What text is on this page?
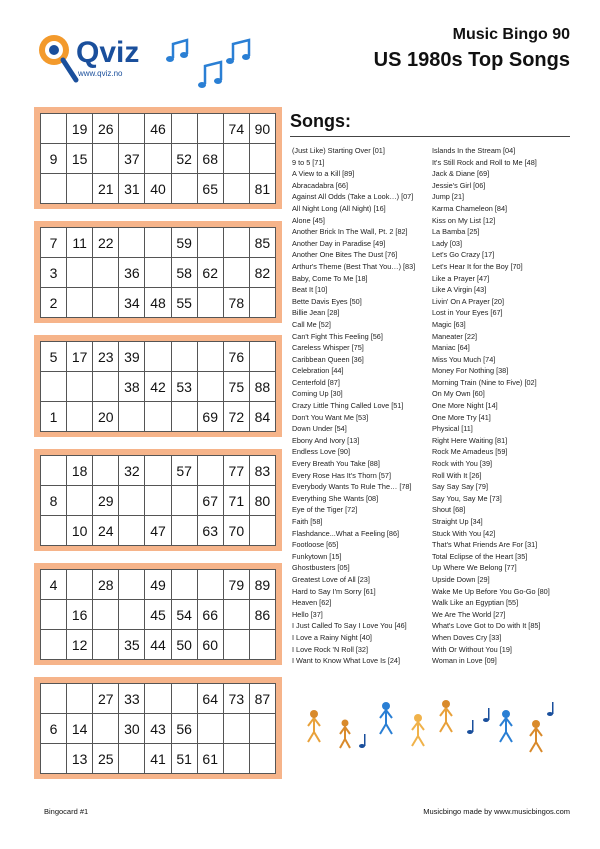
Qviz
www.qviz.no
Music Bingo 90
US 1980s Top Songs
	19	26		46			74	90
9	15		37		52	68		
		21	31	40		65		81
7	11	22			59			85
3			36		58	62		82
2			34	48	55		78	
5	17	23	39				76	
			38	42	53		75	88
1		20				69	72	84
	18		32		57		77	83
8		29				67	71	80
	10	24		47		63	70	
4		28		49			79	89
	16			45	54	66		86
	12		35	44	50	60		
		27	33			64	73	87
6	14		30	43	56			
	13	25		41	51	61		
Songs:
(Just Like) Starting Over [01]
9 to 5 [71]
A View to a Kill [89]
Abracadabra [66]
Against All Odds (Take a Look…) [07]
All Night Long (All Night) [16]
Alone [45]
Another Brick In The Wall, Pt. 2 [82]
Another Day in Paradise [49]
Another One Bites The Dust [76]
Arthur's Theme (Best That You…) [83]
Baby, Come To Me [18]
Beat It [10]
Bette Davis Eyes [50]
Billie Jean [28]
Call Me [52]
Can't Fight This Feeling [56]
Careless Whisper [75]
Caribbean Queen [36]
Celebration [44]
Centerfold [87]
Coming Up [30]
Crazy Little Thing Called Love [51]
Don't You Want Me [53]
Down Under [54]
Ebony And Ivory [13]
Endless Love [90]
Every Breath You Take [88]
Every Rose Has It's Thorn [57]
Everybody Wants To Rule The… [78]
Everything She Wants [08]
Eye of the Tiger [72]
Faith [58]
Flashdance...What a Feeling [86]
Footloose [65]
Funkytown [15]
Ghostbusters [05]
Greatest Love of All [23]
Hard to Say I'm Sorry [61]
Heaven [62]
Hello [37]
I Just Called To Say I Love You [46]
I Love a Rainy Night [40]
I Love Rock 'N Roll [32]
I Want to Know What Love Is [24]
Islands In the Stream [04]
It's Still Rock and Roll to Me [48]
Jack & Diane [69]
Jessie's Girl [06]
Jump [21]
Karma Chameleon [84]
Kiss on My List [12]
La Bamba [25]
Lady [03]
Let's Go Crazy [17]
Let's Hear It for the Boy [70]
Like a Prayer [47]
Like A Virgin [43]
Livin' On A Prayer [20]
Lost in Your Eyes [67]
Magic [63]
Maneater [22]
Maniac [64]
Miss You Much [74]
Money For Nothing [38]
Morning Train (Nine to Five) [02]
On My Own [60]
One More Night [14]
One More Try [41]
Physical [11]
Right Here Waiting [81]
Rock Me Amadeus [59]
Rock with You [39]
Roll With It [26]
Say Say Say [79]
Say You, Say Me [73]
Shout [68]
Straight Up [34]
Stuck With You [42]
That's What Friends Are For [31]
Total Eclipse of the Heart [35]
Up Where We Belong [77]
Upside Down [29]
Wake Me Up Before You Go-Go [80]
Walk Like an Egyptian [55]
We Are The World [27]
What's Love Got to Do with It [85]
When Doves Cry [33]
With Or Without You [19]
Woman in Love [09]
Bingocard #1	Musicbingo made by www.musicbingos.com
